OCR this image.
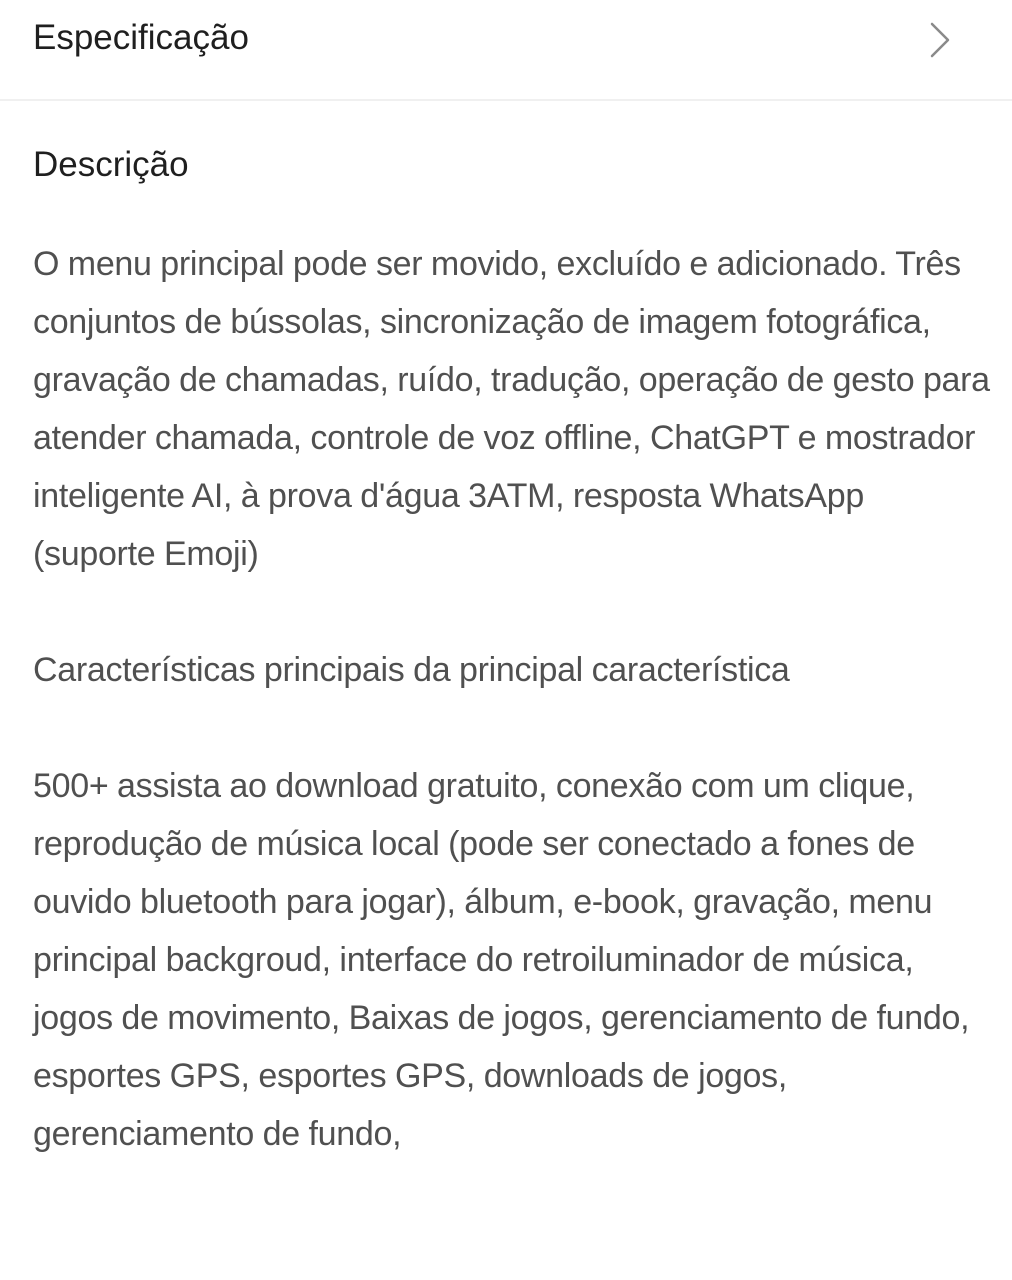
Especificação
Descrição

O menu principal pode ser movido, excluído e adicionado. Três conjuntos de bússolas, sincronização de imagem fotográfica, gravação de chamadas, ruído, tradução, operação de gesto para atender chamada, controle de voz offline, ChatGPT e mostrador inteligente AI, à prova d'água 3ATM, resposta WhatsApp (suporte Emoji)

Características principais da principal característica

500+ assista ao download gratuito, conexão com um clique, reprodução de música local (pode ser conectado a fones de ouvido bluetooth para jogar), álbum, e-book, gravação, menu principal backgroud, interface do retroiluminador de música, jogos de movimento, Baixas de jogos, gerenciamento de fundo, esportes GPS, esportes GPS, downloads de jogos, gerenciamento de fundo,
